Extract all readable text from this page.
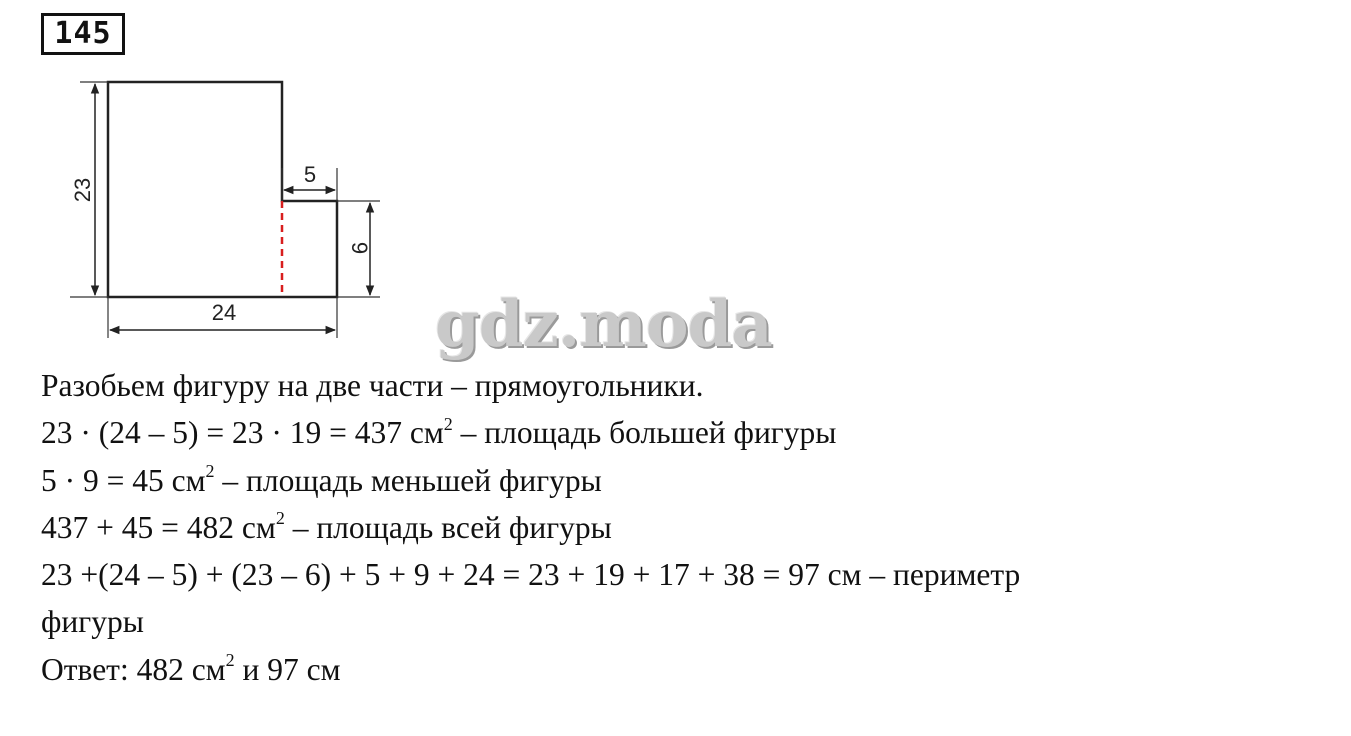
145
23
5
9
24	gdz.moda
Разобьем фигуру на две части – прямоугольники.
23 · (24 – 5) = 23 · 19 = 437 $см^2$ – площадь большей фигуры
5 · 9 = 45 $см^2$ – площадь меньшей фигуры
437 + 45 = 482 $см^2$ – площадь всей фигуры
23 +(24 – 5) + (23 – 6) + 5 + 9 + 24 = 23 + 19 + 17 + 38 = 97 см – периметр
фигуры
Ответ: 482 $см^2$ и 97 см
